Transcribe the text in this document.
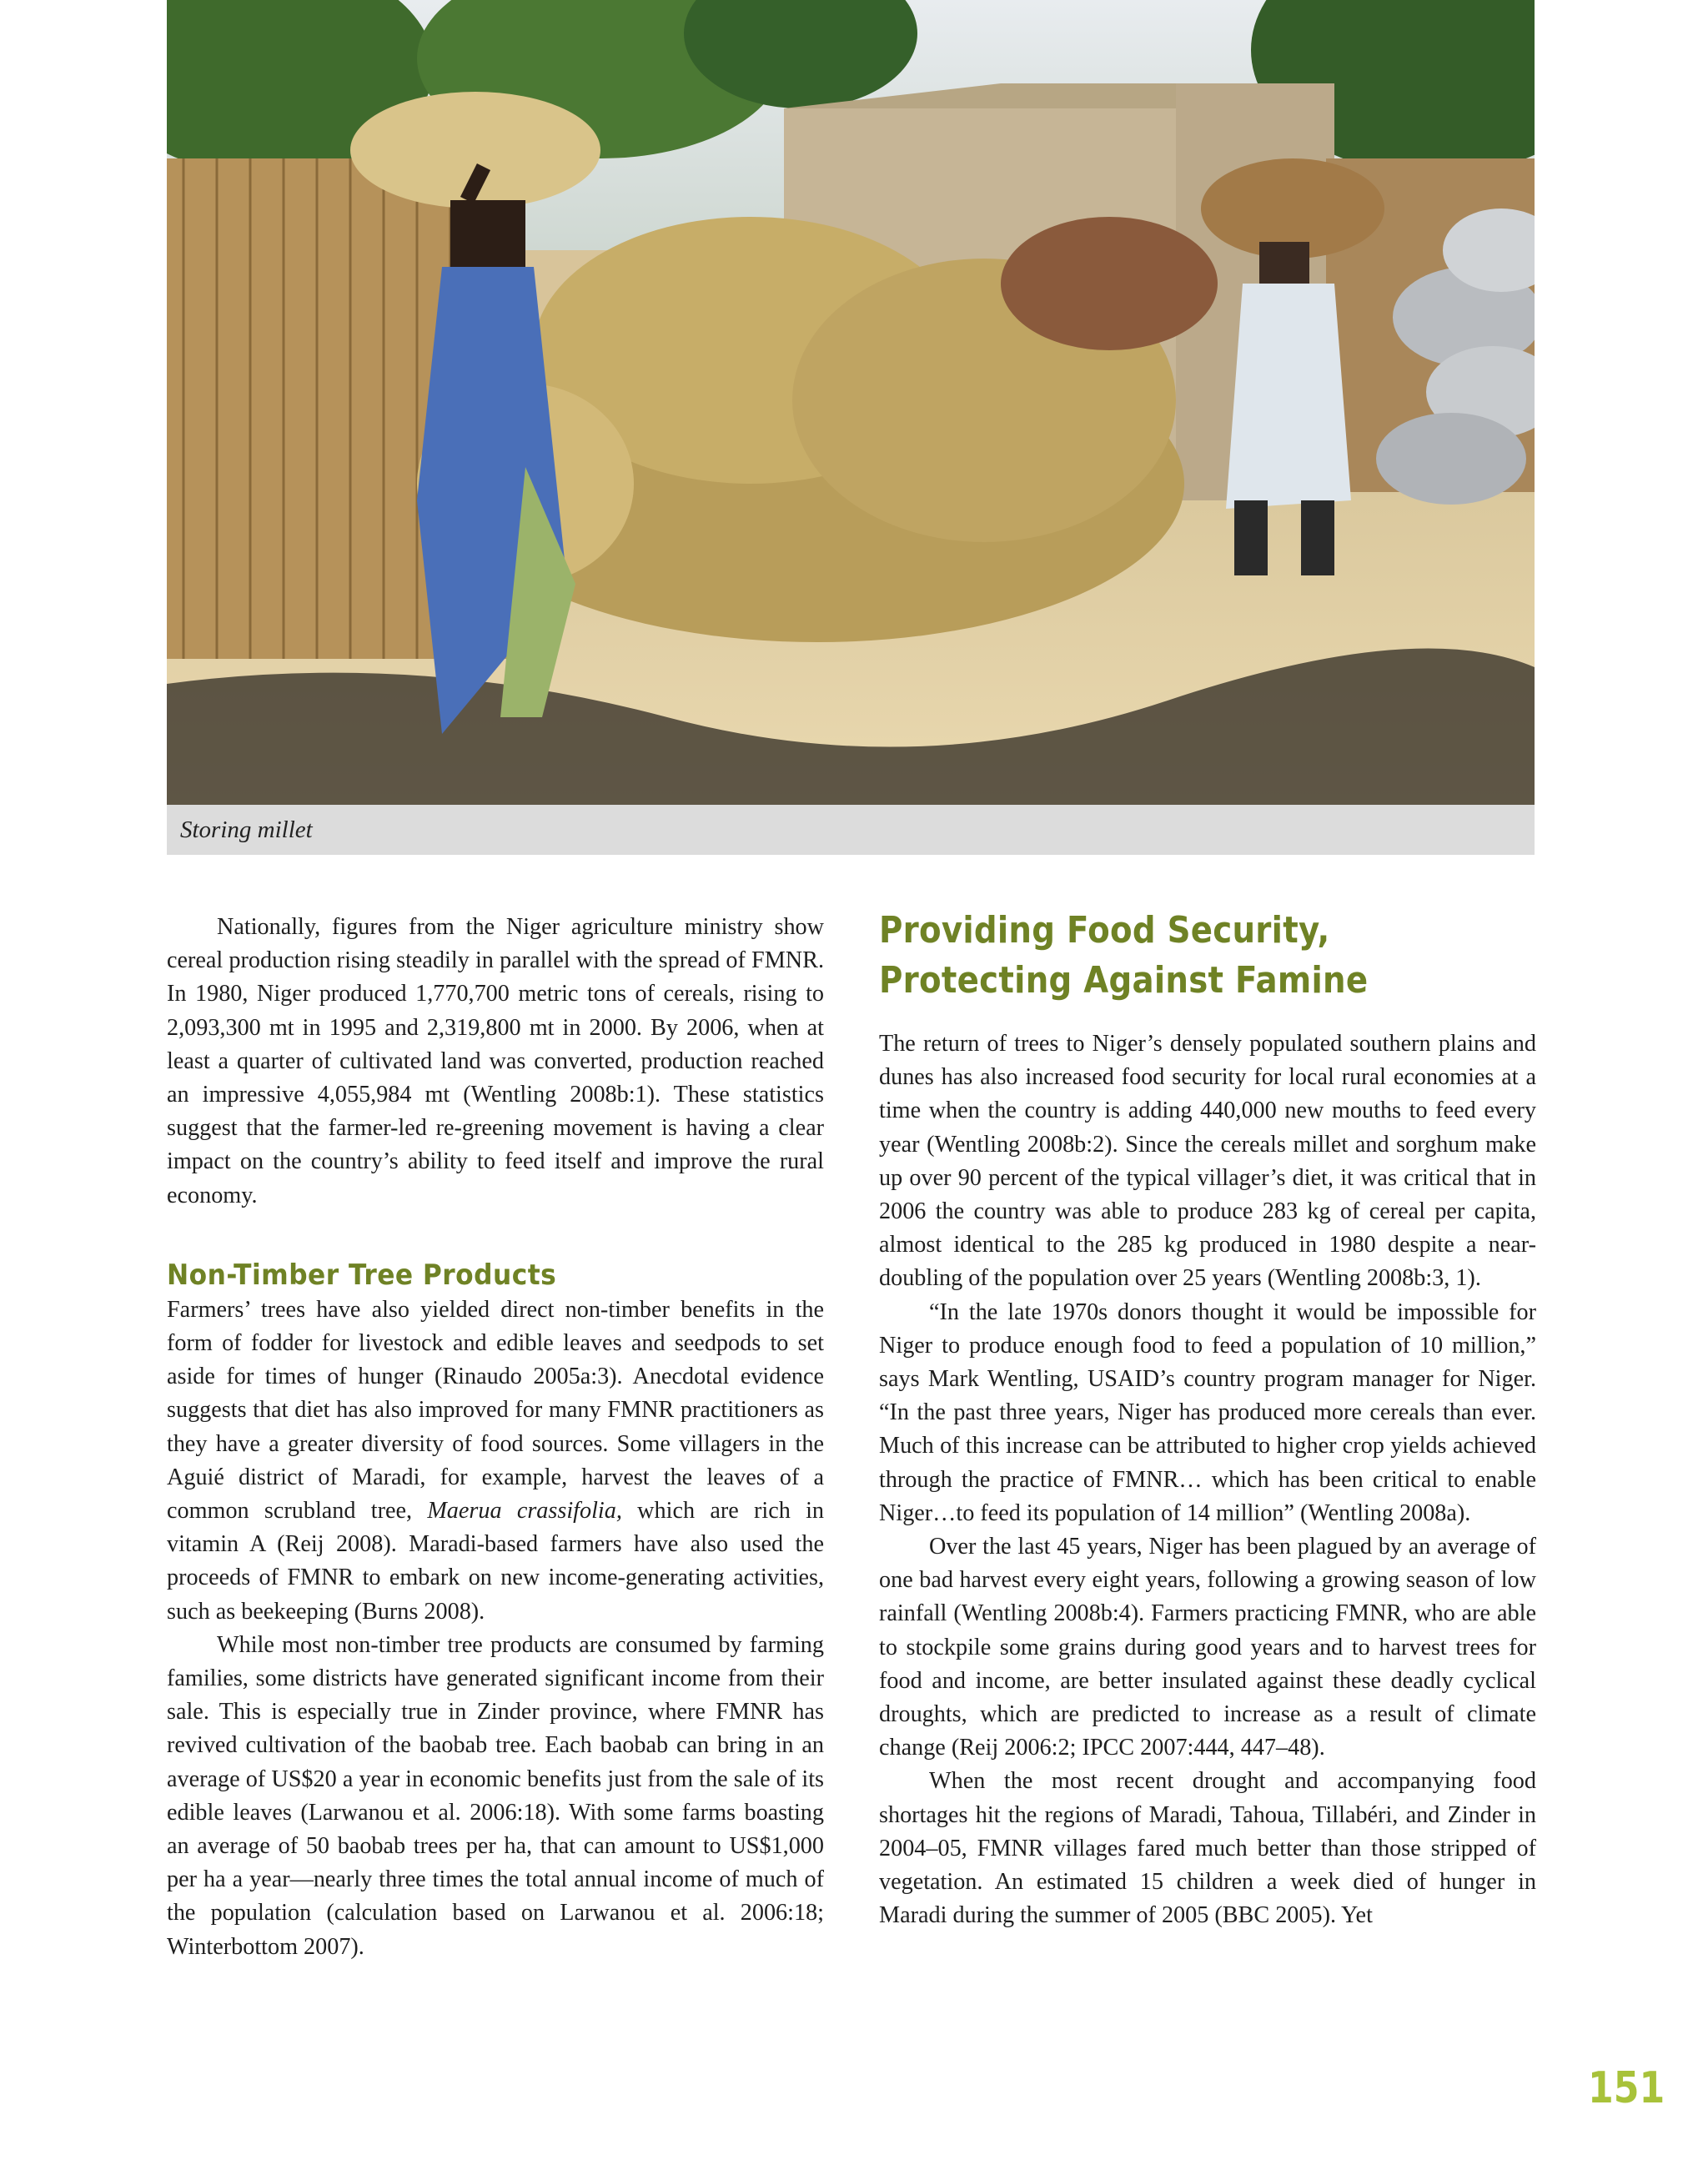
Storing millet

Nationally, figures from the Niger agriculture ministry show cereal production rising steadily in parallel with the spread of FMNR. In 1980, Niger produced 1,770,700 metric tons of cereals, rising to 2,093,300 mt in 1995 and 2,319,800 mt in 2000. By 2006, when at least a quarter of cultivated land was converted, production reached an impressive 4,055,984 mt (Wentling 2008b:1). These statistics suggest that the farmer-led re-greening movement is having a clear impact on the country’s ability to feed itself and improve the rural economy.

Non-Timber Tree Products

Farmers’ trees have also yielded direct non-timber benefits in the form of fodder for livestock and edible leaves and seedpods to set aside for times of hunger (Rinaudo 2005a:3). Anecdotal evidence suggests that diet has also improved for many FMNR practitioners as they have a greater diversity of food sources. Some villagers in the Aguié district of Maradi, for example, harvest the leaves of a common scrubland tree, Maerua crassifolia, which are rich in vitamin A (Reij 2008). Maradi-based farmers have also used the proceeds of FMNR to embark on new income-generating activities, such as beekeeping (Burns 2008).

While most non-timber tree products are consumed by farming families, some districts have generated significant income from their sale. This is especially true in Zinder province, where FMNR has revived cultivation of the baobab tree. Each baobab can bring in an average of US$20 a year in economic benefits just from the sale of its edible leaves (Larwanou et al. 2006:18). With some farms boasting an average of 50 baobab trees per ha, that can amount to US$1,000 per ha a year—nearly three times the total annual income of much of the population (calculation based on Larwanou et al. 2006:18; Winterbottom 2007).

Providing Food Security,
Protecting Against Famine

The return of trees to Niger’s densely populated southern plains and dunes has also increased food security for local rural economies at a time when the country is adding 440,000 new mouths to feed every year (Wentling 2008b:2). Since the cereals millet and sorghum make up over 90 percent of the typical villager’s diet, it was critical that in 2006 the country was able to produce 283 kg of cereal per capita, almost identical to the 285 kg produced in 1980 despite a near-doubling of the population over 25 years (Wentling 2008b:3, 1).

“In the late 1970s donors thought it would be impossible for Niger to produce enough food to feed a population of 10 million,” says Mark Wentling, USAID’s country program manager for Niger. “In the past three years, Niger has produced more cereals than ever. Much of this increase can be attributed to higher crop yields achieved through the practice of FMNR… which has been critical to enable Niger…to feed its population of 14 million” (Wentling 2008a).

Over the last 45 years, Niger has been plagued by an average of one bad harvest every eight years, following a growing season of low rainfall (Wentling 2008b:4). Farmers practicing FMNR, who are able to stockpile some grains during good years and to harvest trees for food and income, are better insulated against these deadly cyclical droughts, which are predicted to increase as a result of climate change (Reij 2006:2; IPCC 2007:444, 447–48).

When the most recent drought and accompanying food shortages hit the regions of Maradi, Tahoua, Tillabéri, and Zinder in 2004–05, FMNR villages fared much better than those stripped of vegetation. An estimated 15 children a week died of hunger in Maradi during the summer of 2005 (BBC 2005). Yet

151
